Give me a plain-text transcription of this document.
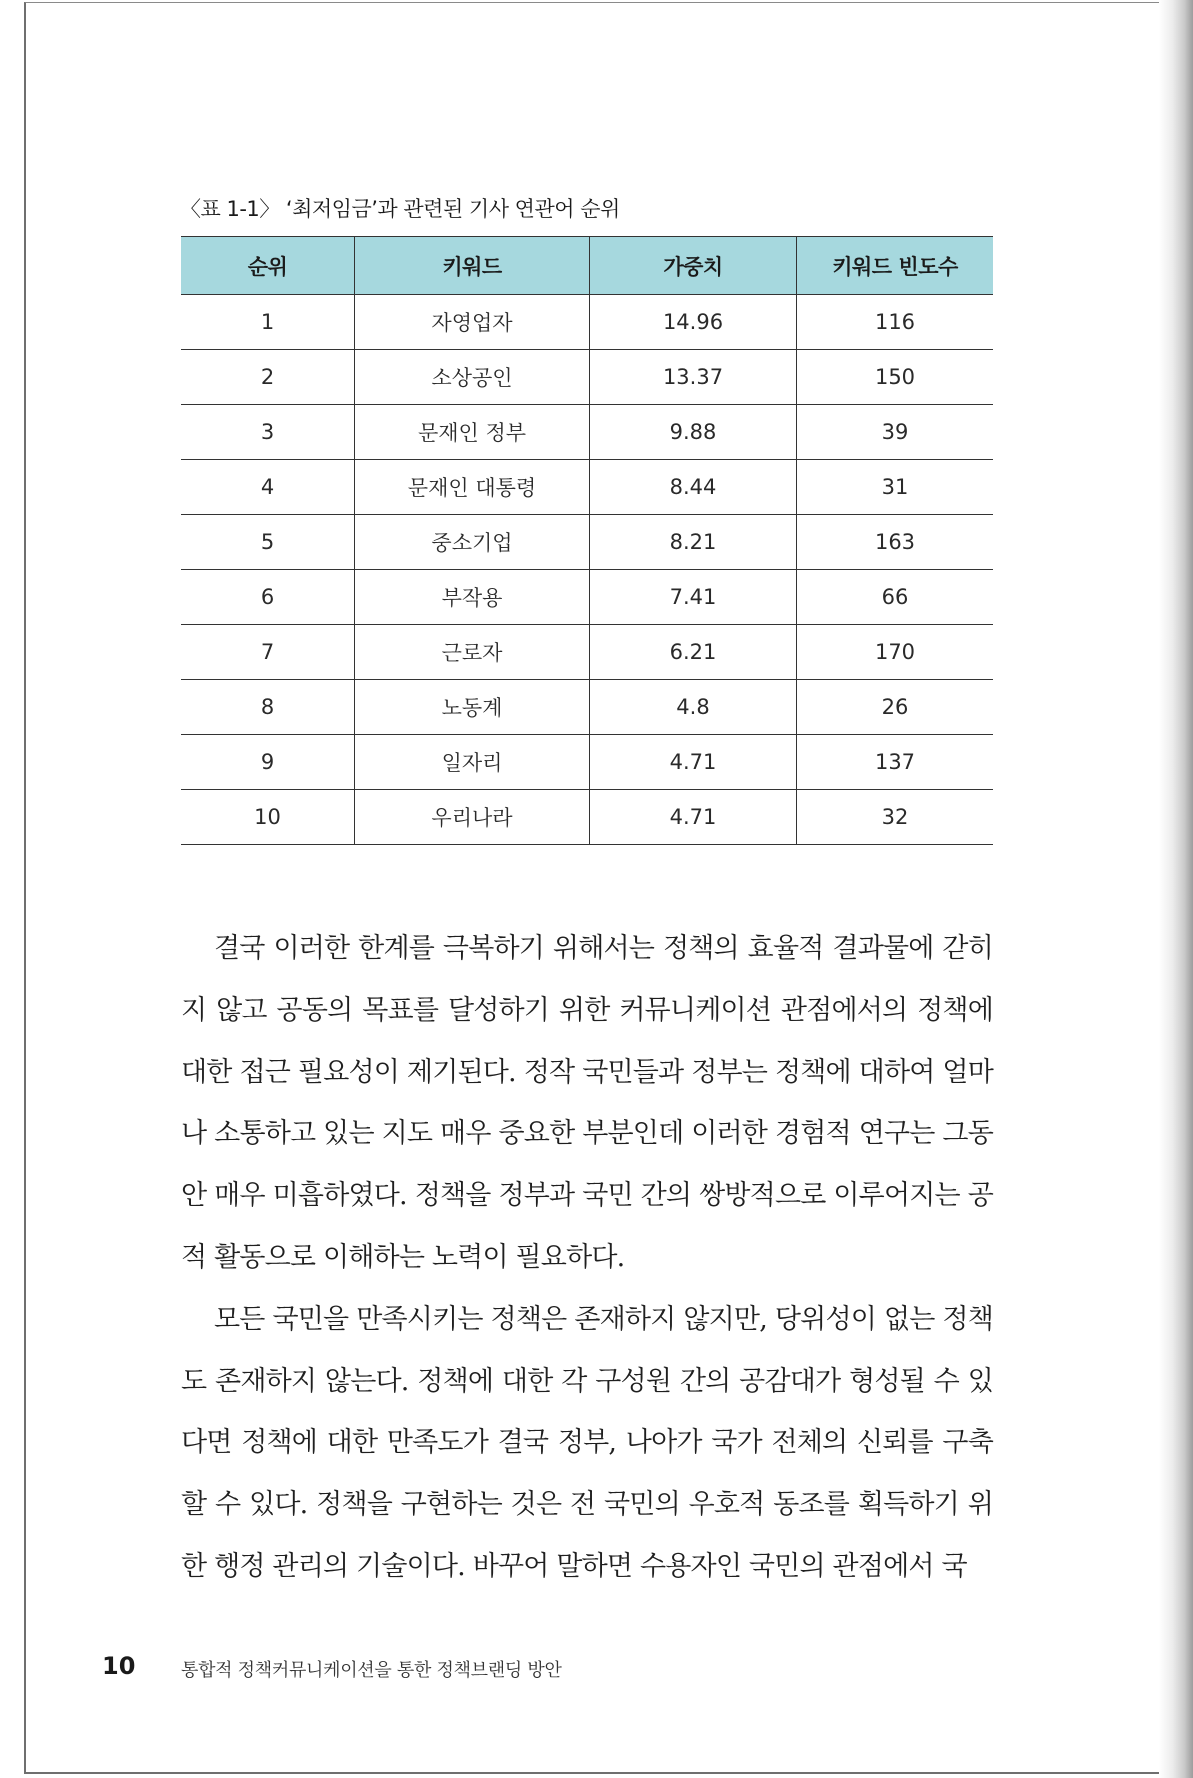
〈표 1-1〉 ‘최저임금’과 관련된 기사 연관어 순위
순위	키워드	가중치	키워드 빈도수
1	자영업자	14.96	116
2	소상공인	13.37	150
3	문재인 정부	9.88	39
4	문재인 대통령	8.44	31
5	중소기업	8.21	163
6	부작용	7.41	66
7	근로자	6.21	170
8	노동계	4.8	26
9	일자리	4.71	137
10	우리나라	4.71	32

결국 이러한 한계를 극복하기 위해서는 정책의 효율적 결과물에 갇히지 않고 공동의 목표를 달성하기 위한 커뮤니케이션 관점에서의 정책에 대한 접근 필요성이 제기된다. 정작 국민들과 정부는 정책에 대하여 얼마나 소통하고 있는 지도 매우 중요한 부분인데 이러한 경험적 연구는 그동안 매우 미흡하였다. 정책을 정부과 국민 간의 쌍방적으로 이루어지는 공적 활동으로 이해하는 노력이 필요하다.

모든 국민을 만족시키는 정책은 존재하지 않지만, 당위성이 없는 정책도 존재하지 않는다. 정책에 대한 각 구성원 간의 공감대가 형성될 수 있다면 정책에 대한 만족도가 결국 정부, 나아가 국가 전체의 신뢰를 구축할 수 있다. 정책을 구현하는 것은 전 국민의 우호적 동조를 획득하기 위한 행정 관리의 기술이다. 바꾸어 말하면 수용자인 국민의 관점에서 국

10	통합적 정책커뮤니케이션을 통한 정책브랜딩 방안
